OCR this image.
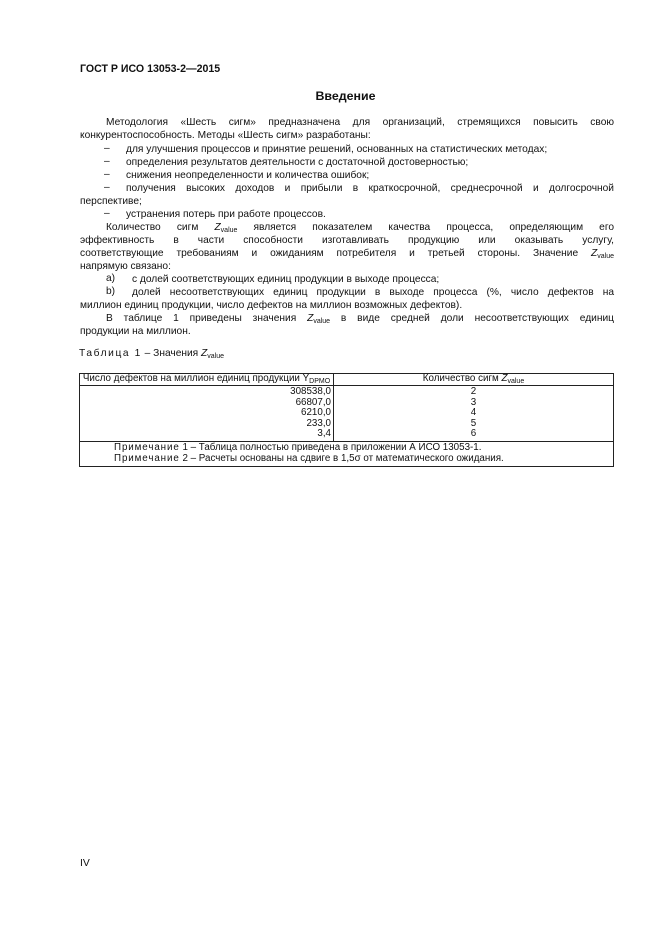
ГОСТ Р ИСО 13053-2—2015
Введение

Методология «Шесть сигм» предназначена для организаций, стремящихся повысить свою

конкурентоспособность. Методы «Шесть сигм» разработаны:

– для улучшения процессов и принятие решений, основанных на статистических методах;

– определения результатов деятельности с достаточной достоверностью;

– снижения неопределенности и количества ошибок;

– получения высоких доходов и прибыли в краткосрочной, среднесрочной и долгосрочной

перспективе;

– устранения потерь при работе процессов.

Количество сигм $Z_{value}$ является показателем качества процесса, определяющим его

эффективность в части способности изготавливать продукцию или оказывать услугу,

соответствующие требованиям и ожиданиям потребителя и третьей стороны. Значение $Z_{value}$

напрямую связано:

а) с долей соответствующих единиц продукции в выходе процесса;

b) долей несоответствующих единиц продукции в выходе процесса (%, число дефектов на

миллион единиц продукции, число дефектов на миллион возможных дефектов).

В таблице 1 приведены значения $Z_{value}$ в виде средней доли несоответствующих единиц

продукции на миллион.

Таблица 1 – Значения $Z_{value}$
Число дефектов на миллион единиц продукции $Y_{DPMO}$	Количество сигм $Z_{value}$
308538,0	2
66807,0	3
6210,0	4
233,0	5
3,4	6

Примечание 1 – Таблица полностью приведена в приложении А ИСО 13053-1.
Примечание 2 – Расчеты основаны на сдвиге в 1,5σ от математического ожидания.	
IV
